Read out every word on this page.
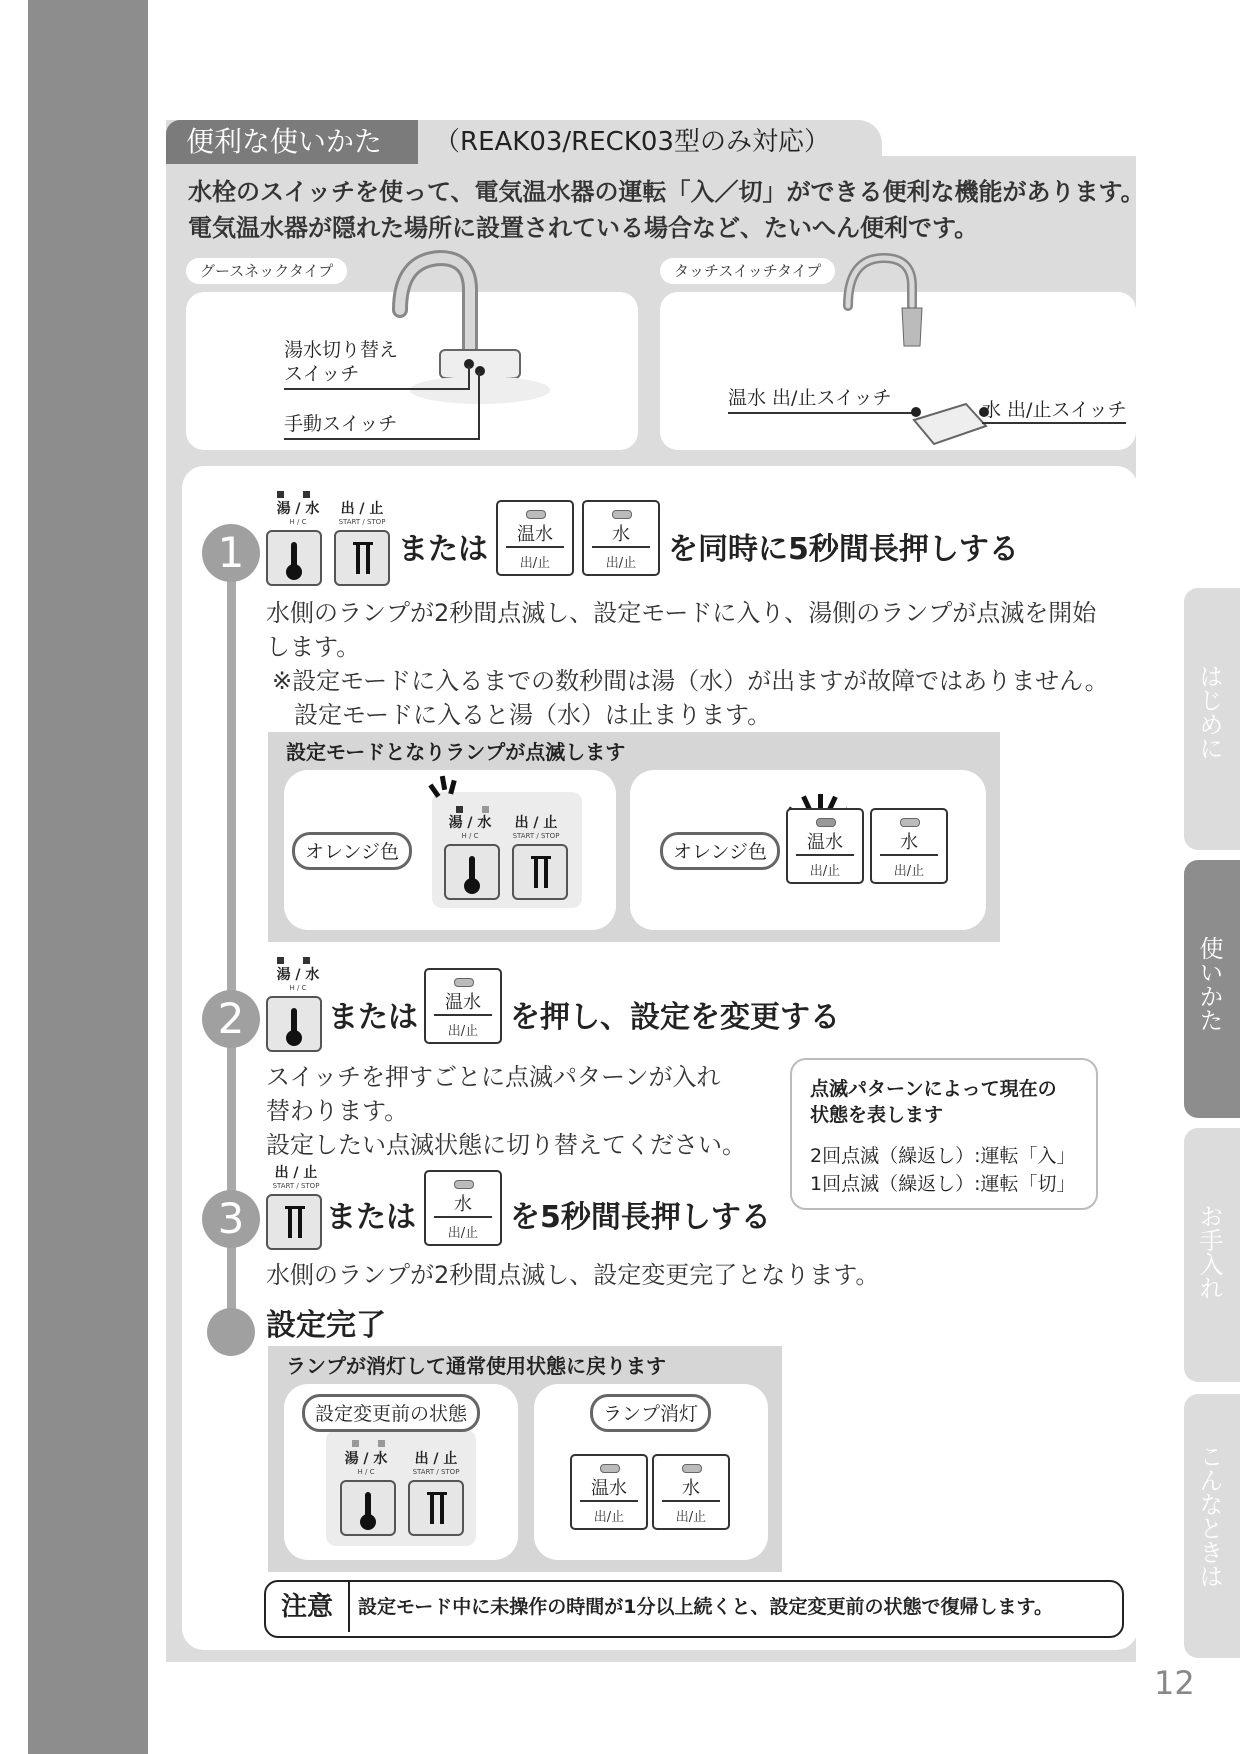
便利な使いかた	（REAK03/RECK03型のみ対応）
水栓のスイッチを使って、電気温水器の運転「入／切」ができる便利な機能があります。
電気温水器が隠れた場所に設置されている場合など、たいへん便利です。
グースネックタイプ
湯水切り替え
スイッチ
手動スイッチ
タッチスイッチタイプ
温水 出/止スイッチ
水 出/止スイッチ
1
湯 / 水
H / C
出 / 止
START / STOP
または	温水
出/止
水
出/止	を同時に5秒間長押しする
水側のランプが2秒間点滅し、設定モードに入り、湯側のランプが点滅を開始
します。
※設定モードに入るまでの数秒間は湯（水）が出ますが故障ではありません。
設定モードに入ると湯（水）は止まります。
設定モードとなりランプが点滅します
湯 / 水
H / C
出 / 止
START / STOP
オレンジ色	温水
出/止
水
出/止
オレンジ色
2
湯 / 水
H / C
または	温水
出/止	を押し、設定を変更する
スイッチを押すごとに点滅パターンが入れ
替わります。
設定したい点滅状態に切り替えてください。
点滅パターンによって現在の
状態を表します
2回点滅（繰返し）:運転「入」
1回点滅（繰返し）:運転「切」
3
出 / 止
START / STOP
または	水
出/止	を5秒間長押しする
水側のランプが2秒間点滅し、設定変更完了となります。
設定完了
ランプが消灯して通常使用状態に戻ります
設定変更前の状態
湯 / 水
H / C
出 / 止
START / STOP
ランプ消灯
温水
出/止
水
出/止
注意	設定モード中に未操作の時間が1分以上続くと、設定変更前の状態で復帰します。
はじめに
使いかた
お手入れ
こんなときは
12
